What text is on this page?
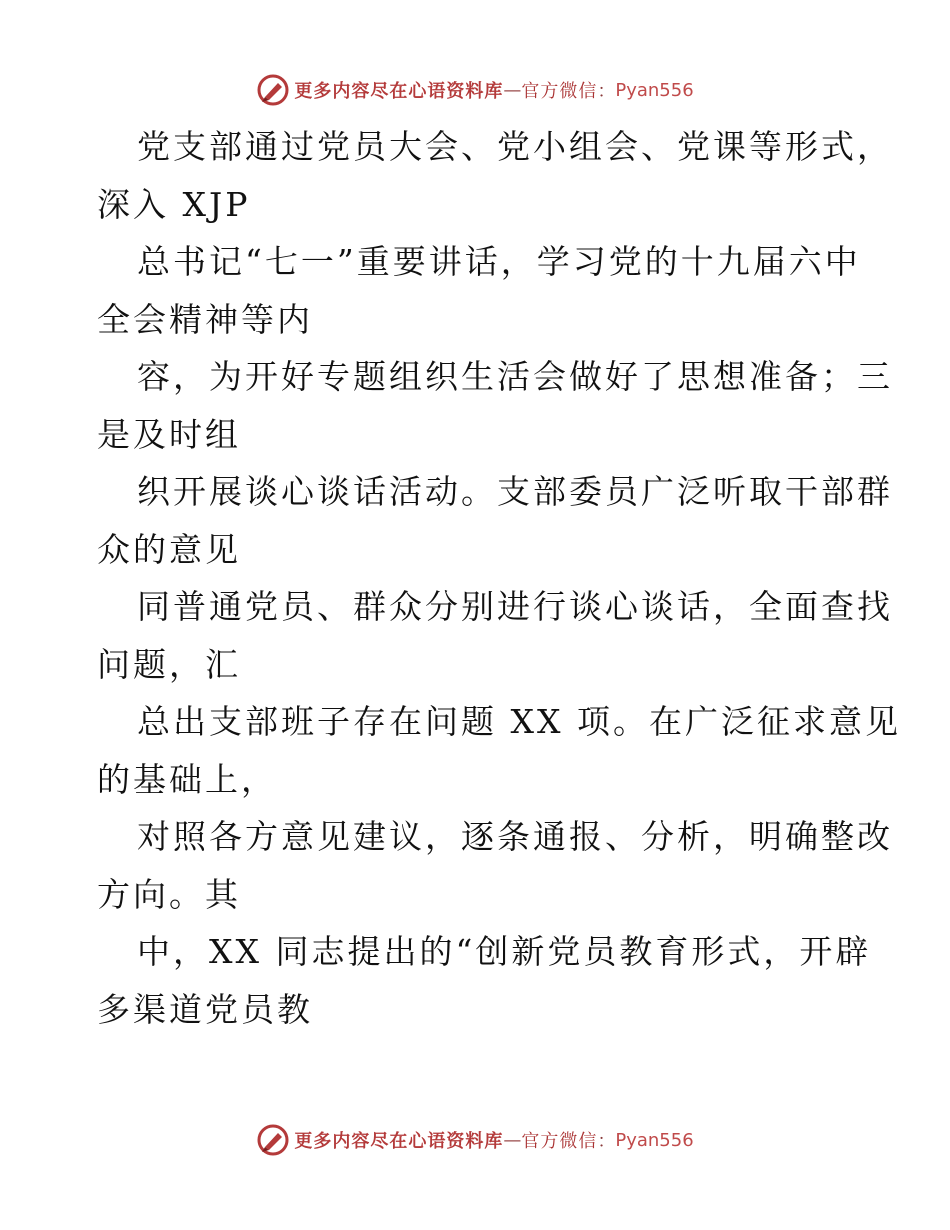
更多内容尽在心语资料库 — 官方微信 ： Pyan556
党支部通过党员大会、党小组会、党课等形式，
深入 XJP
总书记“七一”重要讲话，学习党的十九届六中
全会精神等内
容，为开好专题组织生活会做好了思想准备；三
是及时组
织开展谈心谈话活动。支部委员广泛听取干部群
众的意见
同普通党员、群众分别进行谈心谈话，全面查找
问题，汇
总出支部班子存在问题 XX 项。在广泛征求意见
的基础上，
对照各方意见建议，逐条通报、分析，明确整改
方向。其
中，XX 同志提出的“创新党员教育形式，开辟
多渠道党员教
更多内容尽在心语资料库 — 官方微信 ： Pyan556
